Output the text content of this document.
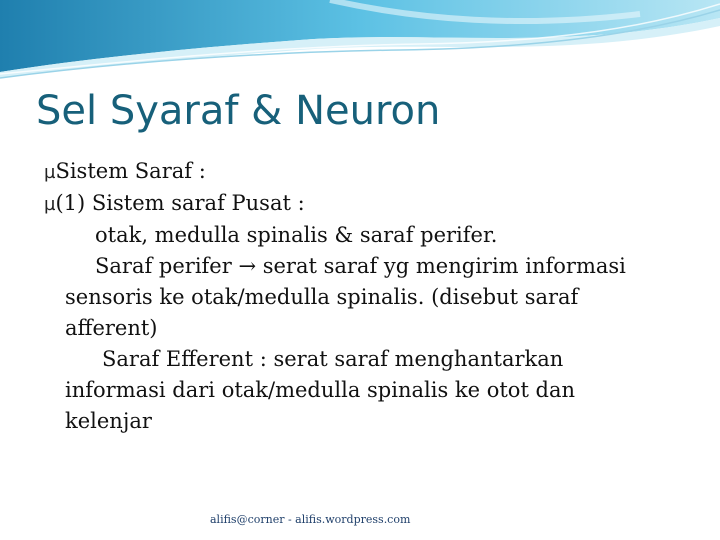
Sel Syaraf & Neuron
µSistem Saraf :
µ(1) Sistem saraf Pusat :
otak, medulla spinalis & saraf perifer.
Saraf perifer → serat saraf yg mengirim informasi
sensoris ke otak/medulla spinalis. (disebut saraf
afferent)
Saraf Efferent : serat saraf menghantarkan
informasi dari otak/medulla spinalis ke otot dan
kelenjar
alifis@corner - alifis.wordpress.com
